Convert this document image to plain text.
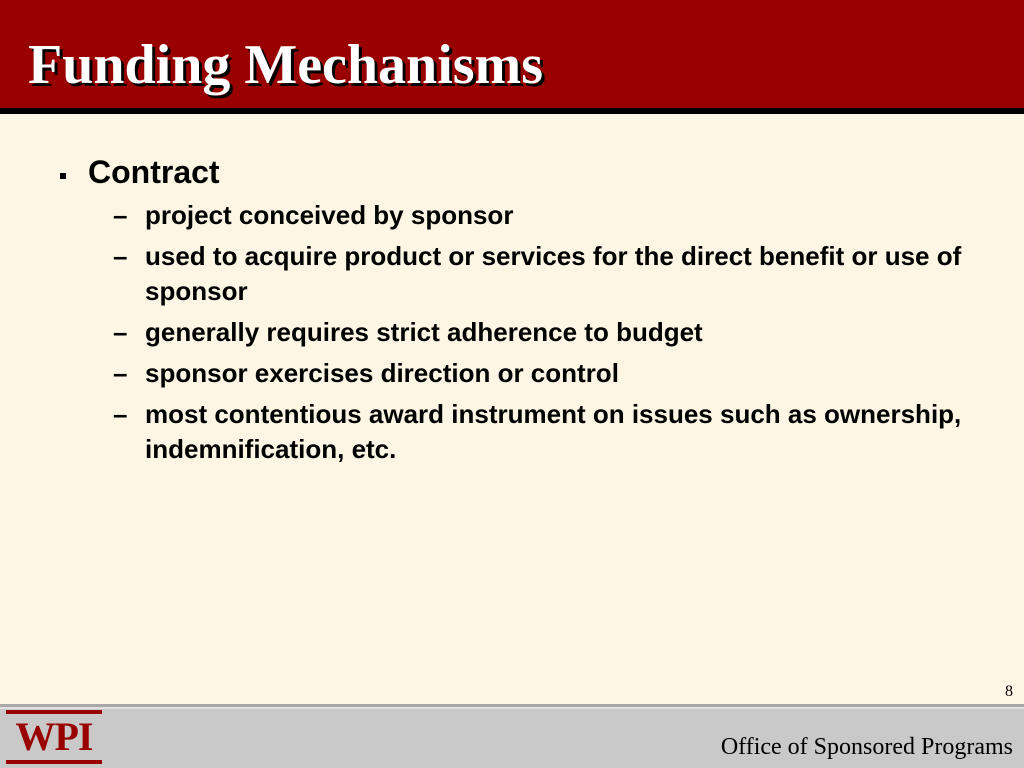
Funding Mechanisms

Contract

– project conceived by sponsor
– used to acquire product or services for the direct benefit or use of sponsor
– generally requires strict adherence to budget
– sponsor exercises direction or control
– most contentious award instrument on issues such as ownership, indemnification, etc.
8
WPI	Office of Sponsored Programs
